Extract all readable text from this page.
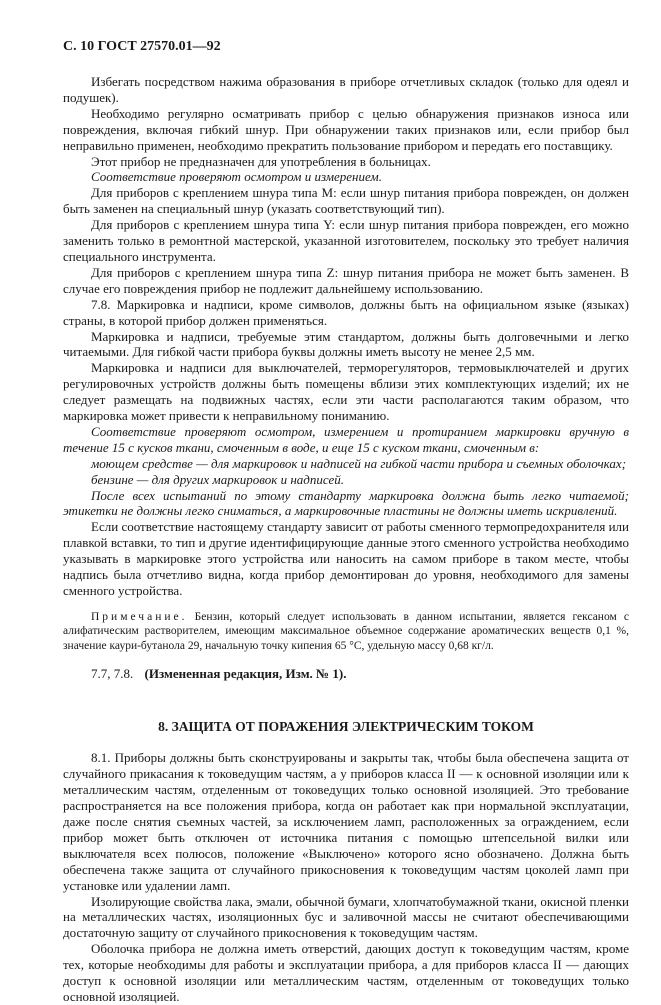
С. 10 ГОСТ 27570.01—92

Избегать посредством нажима образования в приборе отчетливых складок (только для одеял и подушек).

Необходимо регулярно осматривать прибор с целью обнаружения признаков износа или повреждения, включая гибкий шнур. При обнаружении таких признаков или, если прибор был неправильно применен, необходимо прекратить пользование прибором и передать его поставщику.

Этот прибор не предназначен для употребления в больницах.

Соответствие проверяют осмотром и измерением.

Для приборов с креплением шнура типа M: если шнур питания прибора поврежден, он должен быть заменен на специальный шнур (указать соответствующий тип).

Для приборов с креплением шнура типа Y: если шнур питания прибора поврежден, его можно заменить только в ремонтной мастерской, указанной изготовителем, поскольку это требует наличия специального инструмента.

Для приборов с креплением шнура типа Z: шнур питания прибора не может быть заменен. В случае его повреждения прибор не подлежит дальнейшему использованию.

7.8. Маркировка и надписи, кроме символов, должны быть на официальном языке (языках) страны, в которой прибор должен применяться.

Маркировка и надписи, требуемые этим стандартом, должны быть долговечными и легко читаемыми. Для гибкой части прибора буквы должны иметь высоту не менее 2,5 мм.

Маркировка и надписи для выключателей, терморегуляторов, термовыключателей и других регулировочных устройств должны быть помещены вблизи этих комплектующих изделий; их не следует размещать на подвижных частях, если эти части располагаются таким образом, что маркировка может привести к неправильному пониманию.

Соответствие проверяют осмотром, измерением и протиранием маркировки вручную в течение 15 с кусков ткани, смоченным в воде, и еще 15 с куском ткани, смоченным в:

моющем средстве — для маркировок и надписей на гибкой части прибора и съемных оболочках;

бензине — для других маркировок и надписей.

После всех испытаний по этому стандарту маркировка должна быть легко читаемой; этикетки не должны легко сниматься, а маркировочные пластины не должны иметь искривлений.

Если соответствие настоящему стандарту зависит от работы сменного термопредохранителя или плавкой вставки, то тип и другие идентифицирующие данные этого сменного устройства необходимо указывать в маркировке этого устройства или наносить на самом приборе в таком месте, чтобы надпись была отчетливо видна, когда прибор демонтирован до уровня, необходимого для замены сменного устройства.

Примечание. Бензин, который следует использовать в данном испытании, является гексаном с алифатическим растворителем, имеющим максимальное объемное содержание ароматических веществ 0,1 %, значение каури-бутанола 29, начальную точку кипения 65 °С, удельную массу 0,68 кг/л.
7.7, 7.8. (Измененная редакция, Изм. № 1).
8. ЗАЩИТА ОТ ПОРАЖЕНИЯ ЭЛЕКТРИЧЕСКИМ ТОКОМ

8.1. Приборы должны быть сконструированы и закрыты так, чтобы была обеспечена защита от случайного прикасания к токоведущим частям, а у приборов класса II — к основной изоляции или к металлическим частям, отделенным от токоведущих только основной изоляцией. Это требование распространяется на все положения прибора, когда он работает как при нормальной эксплуатации, даже после снятия съемных частей, за исключением ламп, расположенных за ограждением, если прибор может быть отключен от источника питания с помощью штепсельной вилки или выключателя всех полюсов, положение «Выключено» которого ясно обозначено. Должна быть обеспечена также защита от случайного прикосновения к токоведущим частям цоколей ламп при установке или удалении ламп.

Изолирующие свойства лака, эмали, обычной бумаги, хлопчатобумажной ткани, окисной пленки на металлических частях, изоляционных бус и заливочной массы не считают обеспечивающими достаточную защиту от случайного прикосновения к токоведущим частям.

Оболочка прибора не должна иметь отверстий, дающих доступ к токоведущим частям, кроме тех, которые необходимы для работы и эксплуатации прибора, а для приборов класса II — дающих доступ к основной изоляции или металлическим частям, отделенным от токоведущих только основной изоляцией.
